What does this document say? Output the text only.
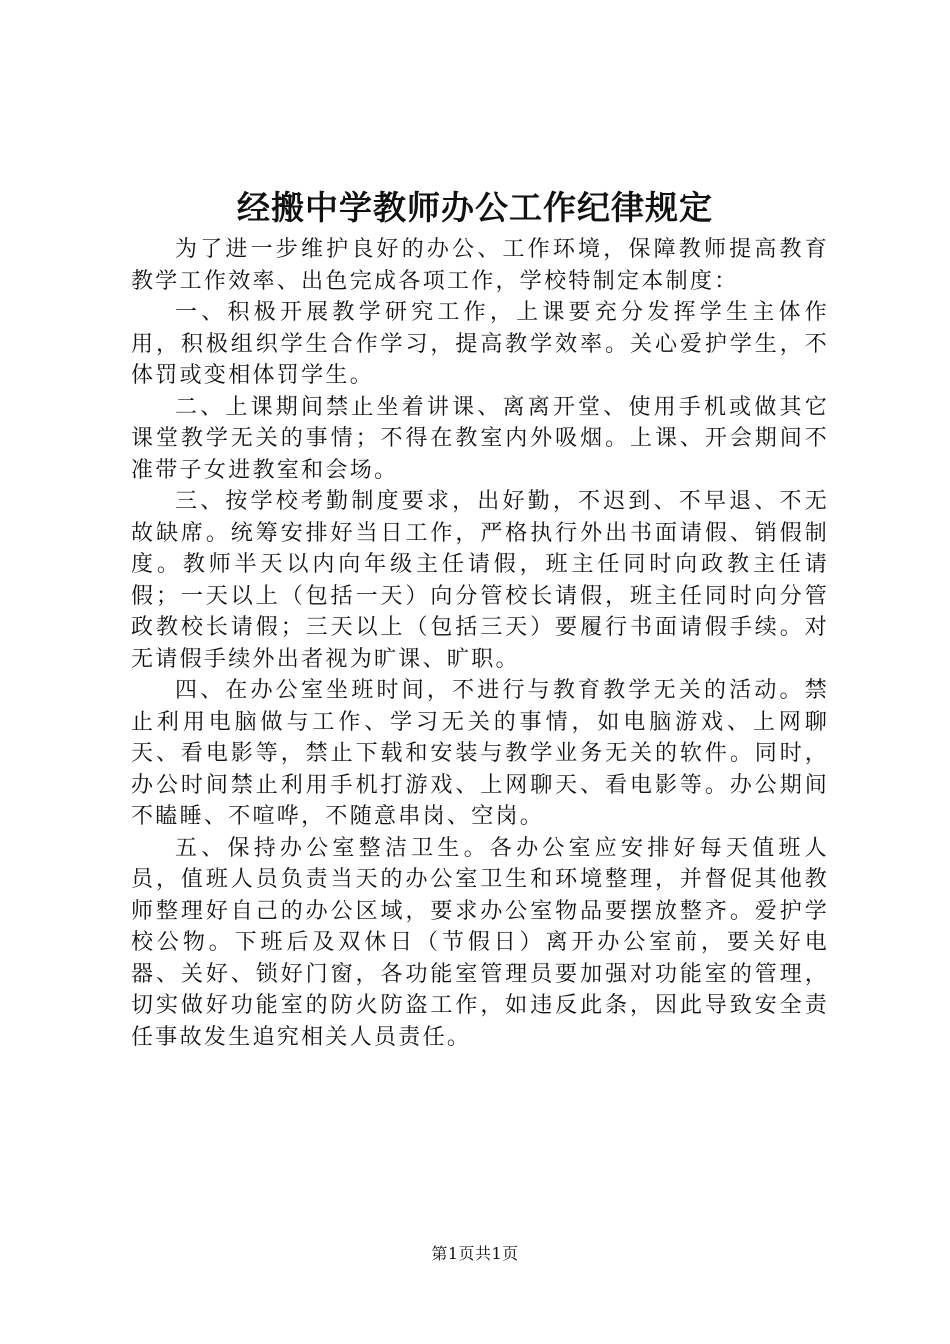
经搬中学教师办公工作纪律规定

为了进一步维护良好的办公、工作环境，保障教师提高教育教学工作效率、出色完成各项工作，学校特制定本制度：

一、积极开展教学研究工作，上课要充分发挥学生主体作用，积极组织学生合作学习，提高教学效率。关心爱护学生，不体罚或变相体罚学生。

二、上课期间禁止坐着讲课、离离开堂、使用手机或做其它课堂教学无关的事情；不得在教室内外吸烟。上课、开会期间不准带子女进教室和会场。

三、按学校考勤制度要求，出好勤，不迟到、不早退、不无故缺席。统筹安排好当日工作，严格执行外出书面请假、销假制度。教师半天以内向年级主任请假，班主任同时向政教主任请假；一天以上（包括一天）向分管校长请假，班主任同时向分管政教校长请假；三天以上（包括三天）要履行书面请假手续。对无请假手续外出者视为旷课、旷职。

四、在办公室坐班时间，不进行与教育教学无关的活动。禁止利用电脑做与工作、学习无关的事情，如电脑游戏、上网聊天、看电影等，禁止下载和安装与教学业务无关的软件。同时，办公时间禁止利用手机打游戏、上网聊天、看电影等。办公期间不瞌睡、不喧哗，不随意串岗、空岗。

五、保持办公室整洁卫生。各办公室应安排好每天值班人员，值班人员负责当天的办公室卫生和环境整理，并督促其他教师整理好自己的办公区域，要求办公室物品要摆放整齐。爱护学校公物。下班后及双休日（节假日）离开办公室前，要关好电器、关好、锁好门窗，各功能室管理员要加强对功能室的管理，切实做好功能室的防火防盗工作，如违反此条，因此导致安全责任事故发生追究相关人员责任。

第1页共1页
